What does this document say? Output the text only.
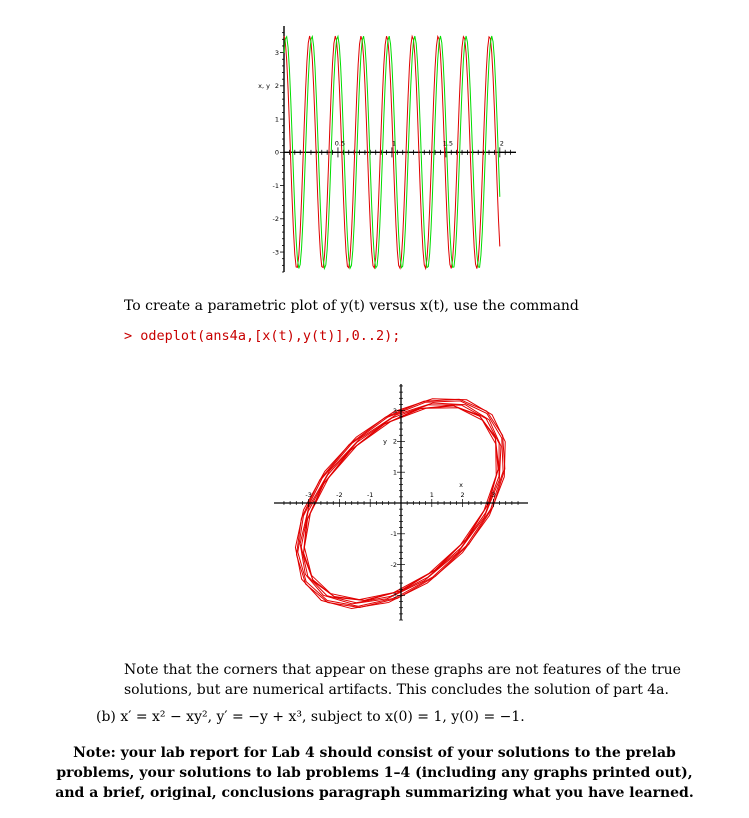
0.5	1	1.5	2
3
2
1
0
-1
-2
-3
x, y

To create a parametric plot of y(t) versus x(t), use the command

> odeplot(ans4a,[x(t),y(t)],0..2);
-3	-2	-1	1	2	3
3
2
1
-1
-2
-3
x
y

Note that the corners that appear on these graphs are not features of the true

solutions, but are numerical artifacts. This concludes the solution of part 4a.

(b) x′ = x² − xy², y′ = −y + x³, subject to x(0) = 1, y(0) = −1.

Note: your lab report for Lab 4 should consist of your solutions to the prelab

problems, your solutions to lab problems 1–4 (including any graphs printed out),

and a brief, original, conclusions paragraph summarizing what you have learned.
